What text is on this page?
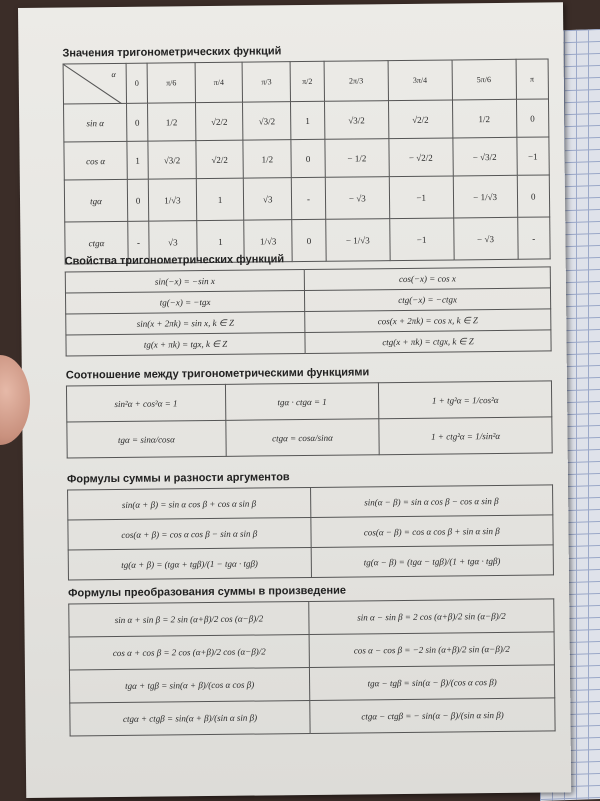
Значения тригонометрических функций
α	0	π/6	π/4	π/3	π/2	2π/3	3π/4	5π/6	π
sin α	0	1/2	√2/2	√3/2	1	√3/2	√2/2	1/2	0
cos α	1	√3/2	√2/2	1/2	0	− 1/2	− √2/2	− √3/2	−1
tgα	0	1/√3	1	√3	-	− √3	−1	− 1/√3	0
ctgα	-	√3	1	1/√3	0	− 1/√3	−1	− √3	-
Свойства тригонометрических функций
sin(−x) = −sin x	cos(−x) = cos x
tg(−x) = −tgx	ctg(−x) = −ctgx
sin(x + 2πk) = sin x, k ∈ Z	cos(x + 2πk) = cos x, k ∈ Z
tg(x + πk) = tgx, k ∈ Z	ctg(x + πk) = ctgx, k ∈ Z
Соотношение между тригонометрическими функциями
sin²α + cos²α = 1	tgα · ctgα = 1	1 + tg²α = 1/cos²α
tgα = sinα/cosα	ctgα = cosα/sinα	1 + ctg²α = 1/sin²α
Формулы суммы и разности аргументов
sin(α + β) = sin α cos β + cos α sin β	sin(α − β) = sin α cos β − cos α sin β
cos(α + β) = cos α cos β − sin α sin β	cos(α − β) = cos α cos β + sin α sin β
tg(α + β) = (tgα + tgβ)/(1 − tgα · tgβ)	tg(α − β) = (tgα − tgβ)/(1 + tgα · tgβ)
Формулы преобразования суммы в произведение
sin α + sin β = 2 sin (α+β)/2 cos (α−β)/2	sin α − sin β = 2 cos (α+β)/2 sin (α−β)/2
cos α + cos β = 2 cos (α+β)/2 cos (α−β)/2	cos α − cos β = −2 sin (α+β)/2 sin (α−β)/2
tgα + tgβ = sin(α + β)/(cos α cos β)	tgα − tgβ = sin(α − β)/(cos α cos β)
ctgα + ctgβ = sin(α + β)/(sin α sin β)	ctgα − ctgβ = − sin(α − β)/(sin α sin β)
